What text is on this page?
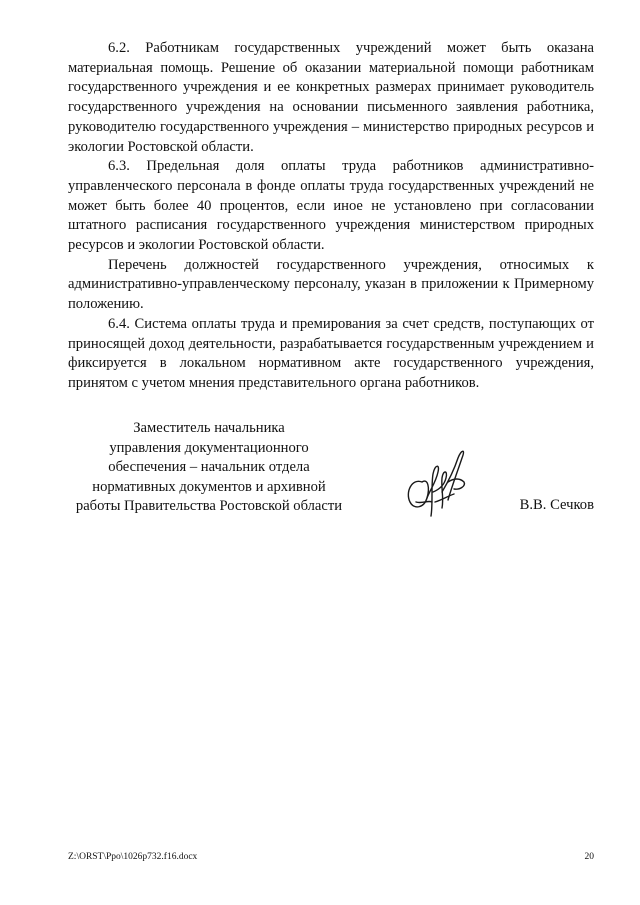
6.2. Работникам государственных учреждений может быть оказана материальная помощь. Решение об оказании материальной помощи работникам государственного учреждения и ее конкретных размерах принимает руководитель государственного учреждения на основании письменного заявления работника, руководителю государственного учреждения – министерство природных ресурсов и экологии Ростовской области.

6.3. Предельная доля оплаты труда работников административно-управленческого персонала в фонде оплаты труда государственных учреждений не может быть более 40 процентов, если иное не установлено при согласовании штатного расписания государственного учреждения министерством природных ресурсов и экологии Ростовской области.

Перечень должностей государственного учреждения, относимых к административно-управленческому персоналу, указан в приложении к Примерному положению.

6.4. Система оплаты труда и премирования за счет средств, поступающих от приносящей доход деятельности, разрабатывается государственным учреждением и фиксируется в локальном нормативном акте государственного учреждения, принятом с учетом мнения представительного органа работников.

Заместитель начальника
управления документационного
обеспечения – начальник отдела
нормативных документов и архивной
работы Правительства Ростовской области	В.В. Сечков
Z:\ORST\Ppo\1026p732.f16.docx	20
